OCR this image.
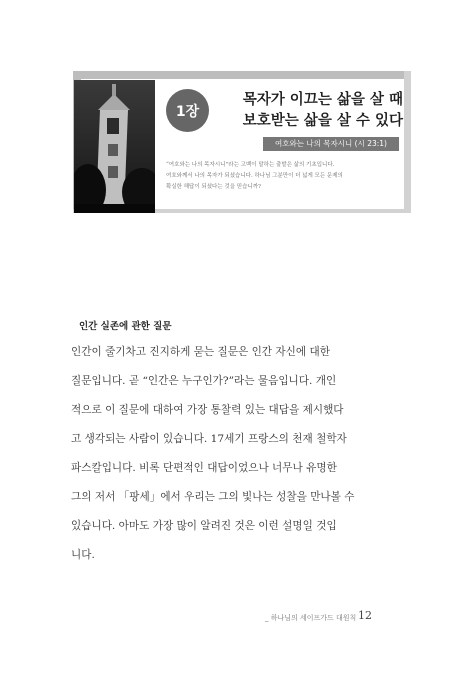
1장
목자가 이끄는 삶을 살 때
보호받는 삶을 살 수 있다
여호와는 나의 목자시니 (시 23:1)
“여호와는 나의 목자시니”라는 고백이 말하는 출발은 삶의 기초입니다.
여호와께서 나의 목자가 되셨습니다. 하나님 그분만이 더 넓게 모든 문제의
확실한 해답이 되셨다는 것을 믿습니까?
인간 실존에 관한 질문
인간이 줄기차고 진지하게 묻는 질문은 인간 자신에 대한
질문입니다. 곧 “인간은 누구인가?”라는 물음입니다. 개인
적으로 이 질문에 대하여 가장 통찰력 있는 대답을 제시했다
고 생각되는 사람이 있습니다. 17세기 프랑스의 천재 철학자
파스칼입니다. 비록 단편적인 대답이었으나 너무나 유명한
그의 저서 「팡세」에서 우리는 그의 빛나는 성찰을 만나볼 수
있습니다. 아마도 가장 많이 알려진 것은 이런 설명일 것입
니다.
_ 하나님의 세이프가드 대원칙 12
